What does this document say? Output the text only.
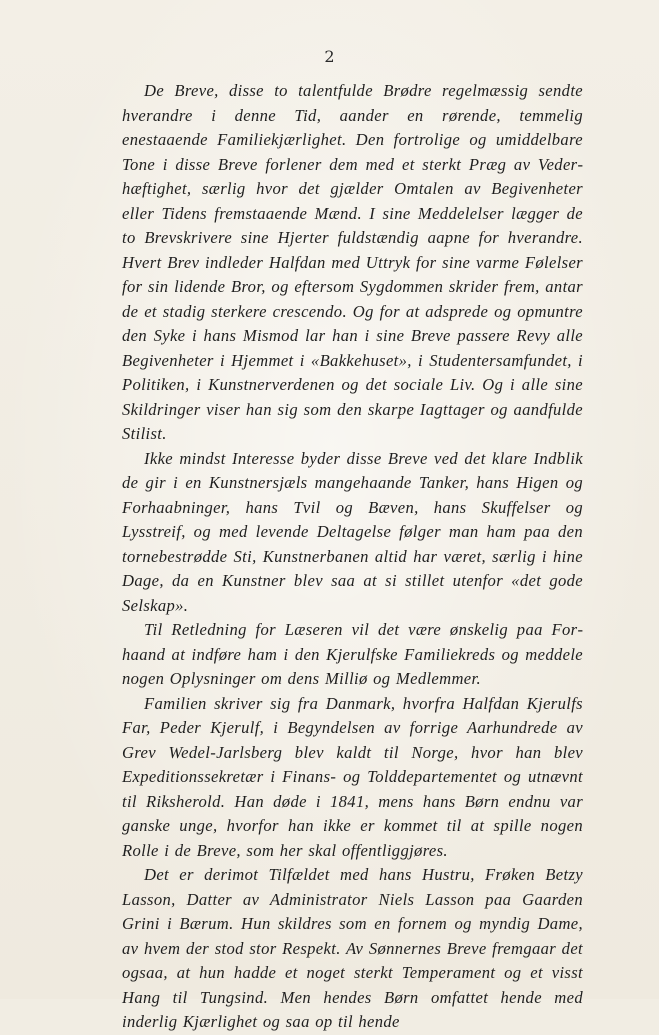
2

De Breve, disse to talentfulde Brødre regelmæssig sendte hverandre i denne Tid, aander en rørende, temmelig enestaaende Familiekjærlighet. Den fortrolige og umiddelbare Tone i disse Breve forlener dem med et sterkt Præg av Vederhæftighet, særlig hvor det gjælder Omtalen av Begivenheter eller Tidens fremstaaende Mænd. I sine Meddelelser lægger de to Brevskrivere sine Hjerter fuldstændig aapne for hverandre. Hvert Brev indleder Halfdan med Uttryk for sine varme Følelser for sin lidende Bror, og eftersom Sygdommen skrider frem, antar de et stadig sterkere crescendo. Og for at adsprede og opmuntre den Syke i hans Mismod lar han i sine Breve passere Revy alle Begivenheter i Hjemmet i «Bakkehuset», i Studentersamfundet, i Politiken, i Kunstnerverdenen og det sociale Liv. Og i alle sine Skildringer viser han sig som den skarpe Iagttager og aandfulde Stilist.

Ikke mindst Interesse byder disse Breve ved det klare Indblik de gir i en Kunstnersjæls mangehaande Tanker, hans Higen og Forhaabninger, hans Tvil og Bæven, hans Skuffelser og Lysstreif, og med levende Deltagelse følger man ham paa den tornebestrødde Sti, Kunstnerbanen altid har været, særlig i hine Dage, da en Kunstner blev saa at si stillet utenfor «det gode Selskap».

Til Retledning for Læseren vil det være ønskelig paa Forhaand at indføre ham i den Kjerulfske Familiekreds og meddele nogen Oplysninger om dens Milliø og Medlemmer.

Familien skriver sig fra Danmark, hvorfra Halfdan Kjerulfs Far, Peder Kjerulf, i Begyndelsen av forrige Aarhundrede av Grev Wedel-Jarlsberg blev kaldt til Norge, hvor han blev Expeditionssekretær i Finans- og Tolddepartementet og utnævnt til Riksherold. Han døde i 1841, mens hans Børn endnu var ganske unge, hvorfor han ikke er kommet til at spille nogen Rolle i de Breve, som her skal offentliggjøres.

Det er derimot Tilfældet med hans Hustru, Frøken Betzy Lasson, Datter av Administrator Niels Lasson paa Gaarden Grini i Bærum. Hun skildres som en fornem og myndig Dame, av hvem der stod stor Respekt. Av Sønnernes Breve fremgaar det ogsaa, at hun hadde et noget sterkt Temperament og et visst Hang til Tungsind. Men hendes Børn omfattet hende med inderlig Kjærlighet og saa op til hende
